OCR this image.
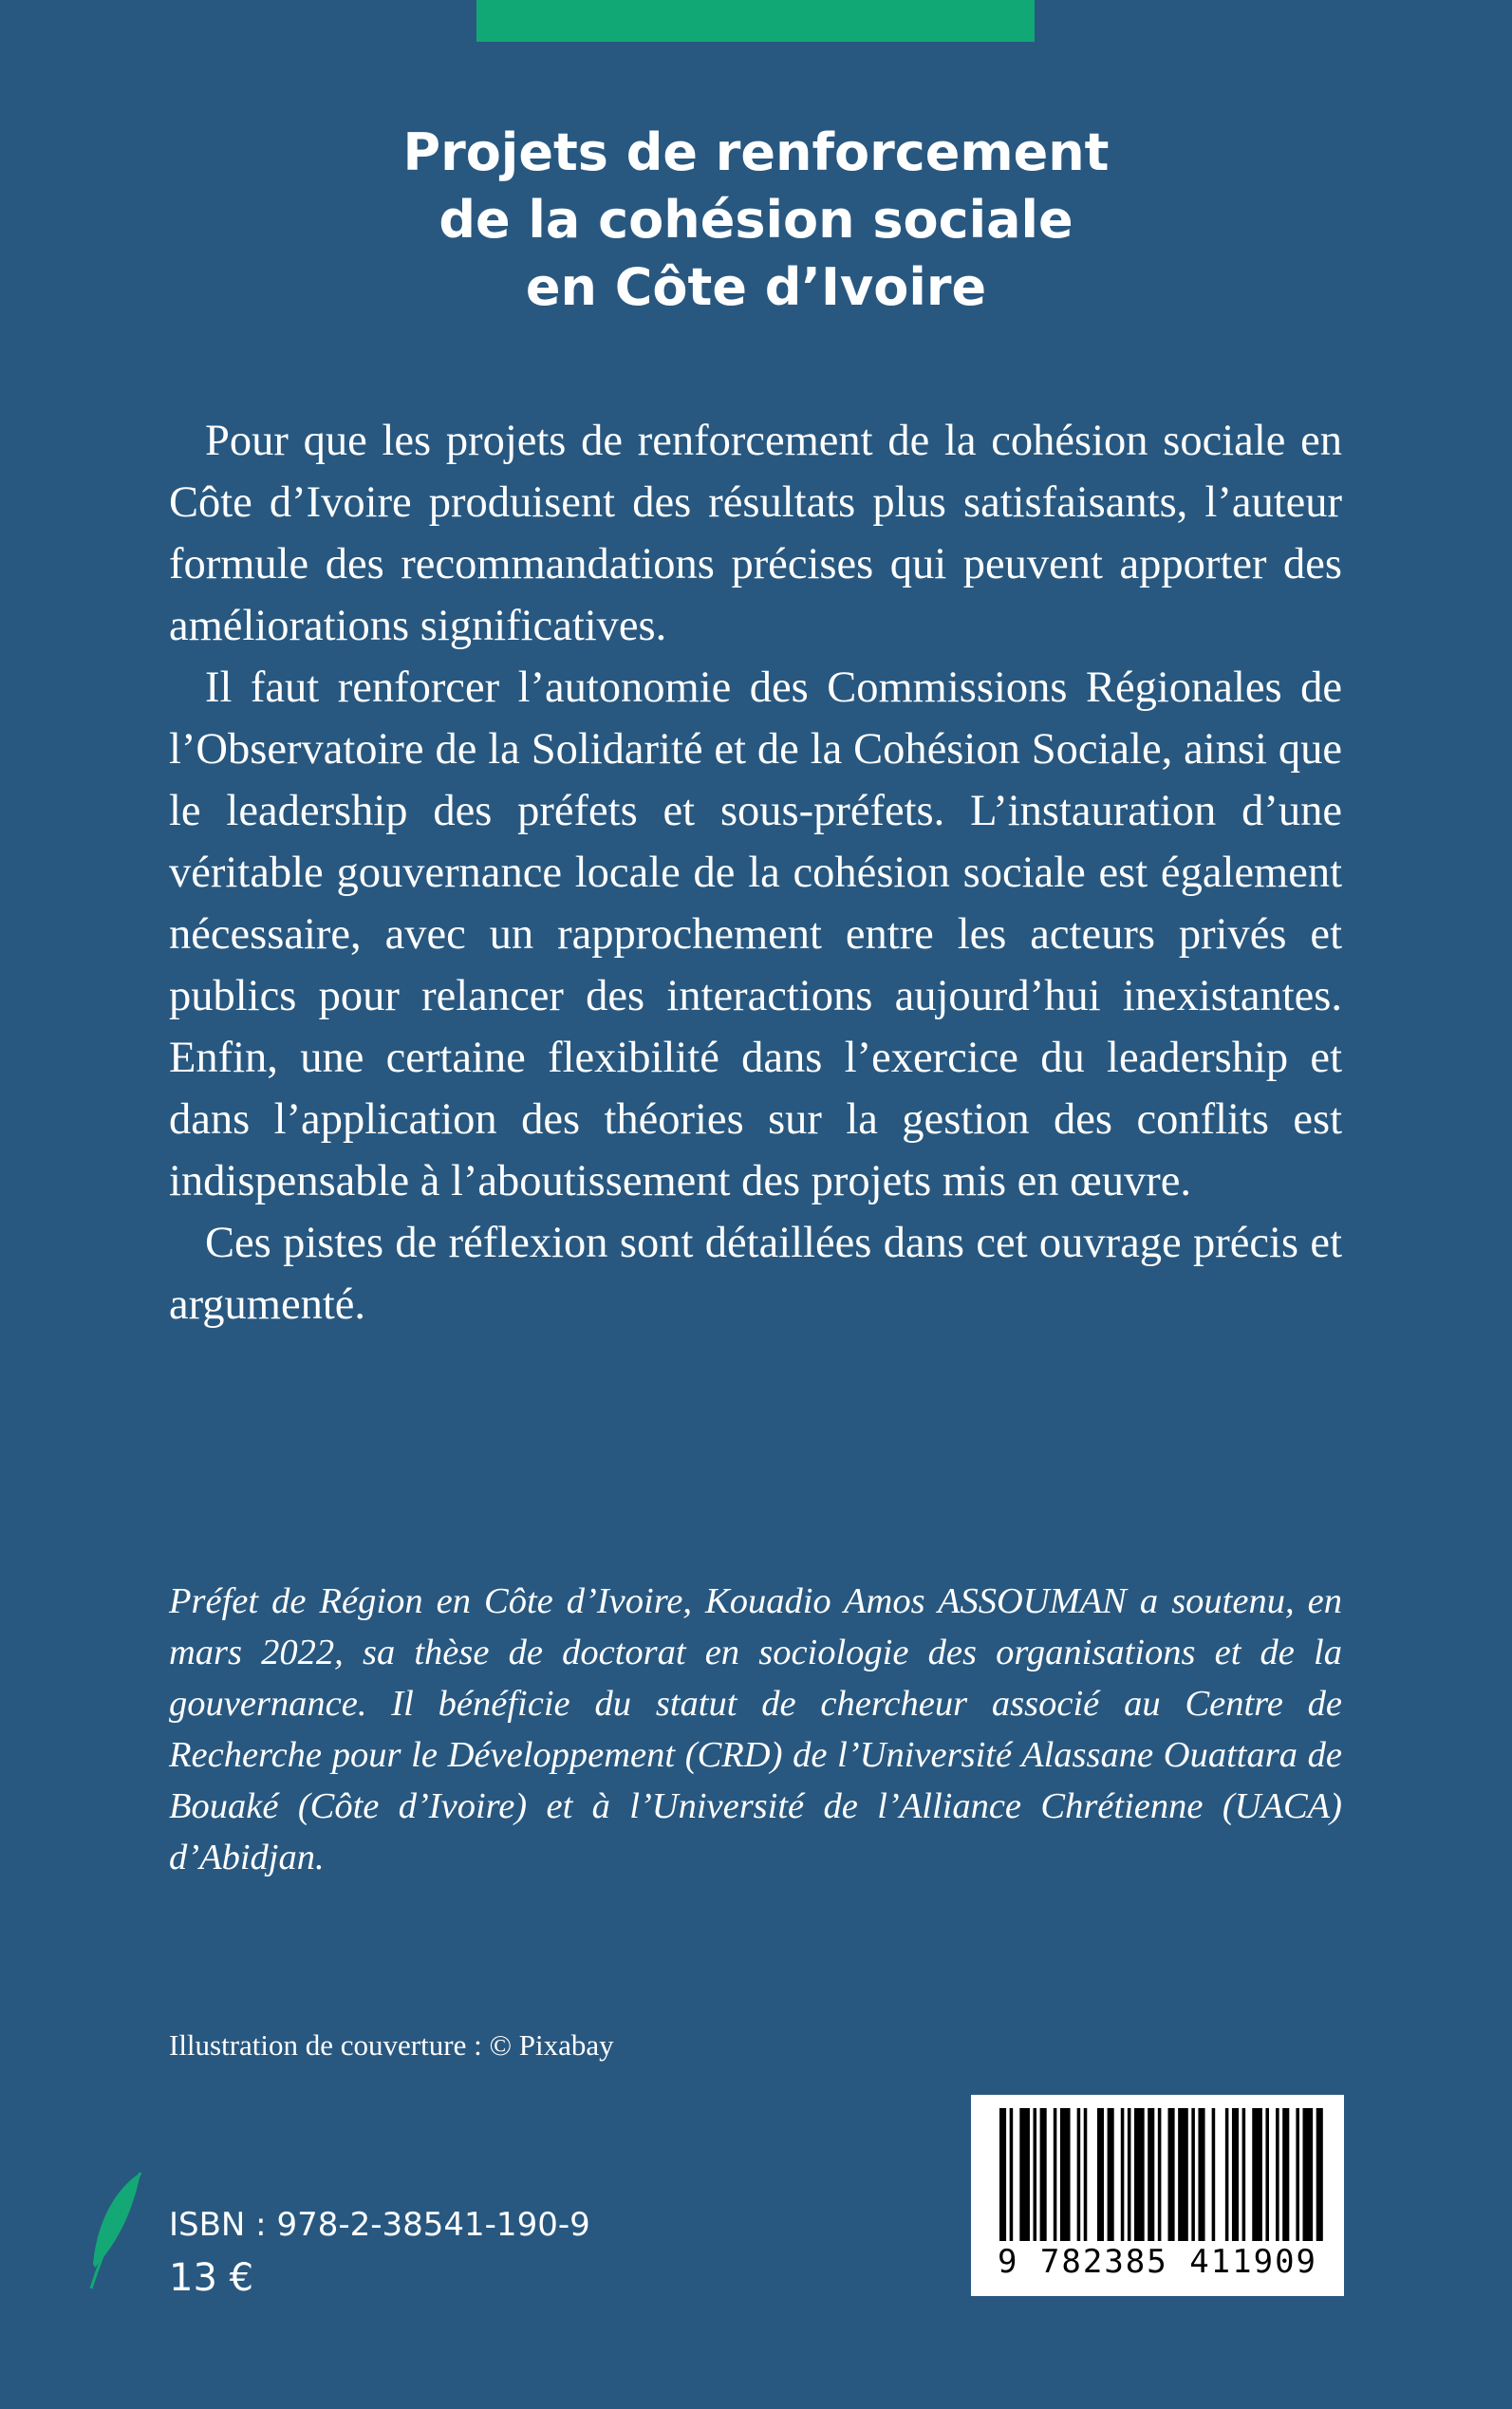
Projets de renforcement
de la cohésion sociale
en Côte d’Ivoire

Pour que les projets de renforcement de la cohésion sociale en Côte d’Ivoire produisent des résultats plus satisfaisants, l’auteur formule des recommandations précises qui peuvent apporter des améliorations significatives.

Il faut renforcer l’autonomie des Commissions Régionales de l’Observatoire de la Solidarité et de la Cohésion Sociale, ainsi que le leadership des préfets et sous-préfets. L’instauration d’une véritable gouvernance locale de la cohésion sociale est également nécessaire, avec un rapprochement entre les acteurs privés et publics pour relancer des interactions aujourd’hui inexistantes. Enfin, une certaine flexibilité dans l’exercice du leadership et dans l’application des théories sur la gestion des conflits est indispensable à l’aboutissement des projets mis en œuvre.

Ces pistes de réflexion sont détaillées dans cet ouvrage précis et argumenté.

Préfet de Région en Côte d’Ivoire, Kouadio Amos ASSOUMAN a soutenu, en mars 2022, sa thèse de doctorat en sociologie des organisations et de la gouvernance. Il bénéficie du statut de chercheur associé au Centre de Recherche pour le Développement (CRD) de l’Université Alassane Ouattara de Bouaké (Côte d’Ivoire) et à l’Université de l’Alliance Chrétienne (UACA) d’Abidjan.

Illustration de couverture : © Pixabay
ISBN : 978-2-38541-190-9
13 €	9 782385 411909
